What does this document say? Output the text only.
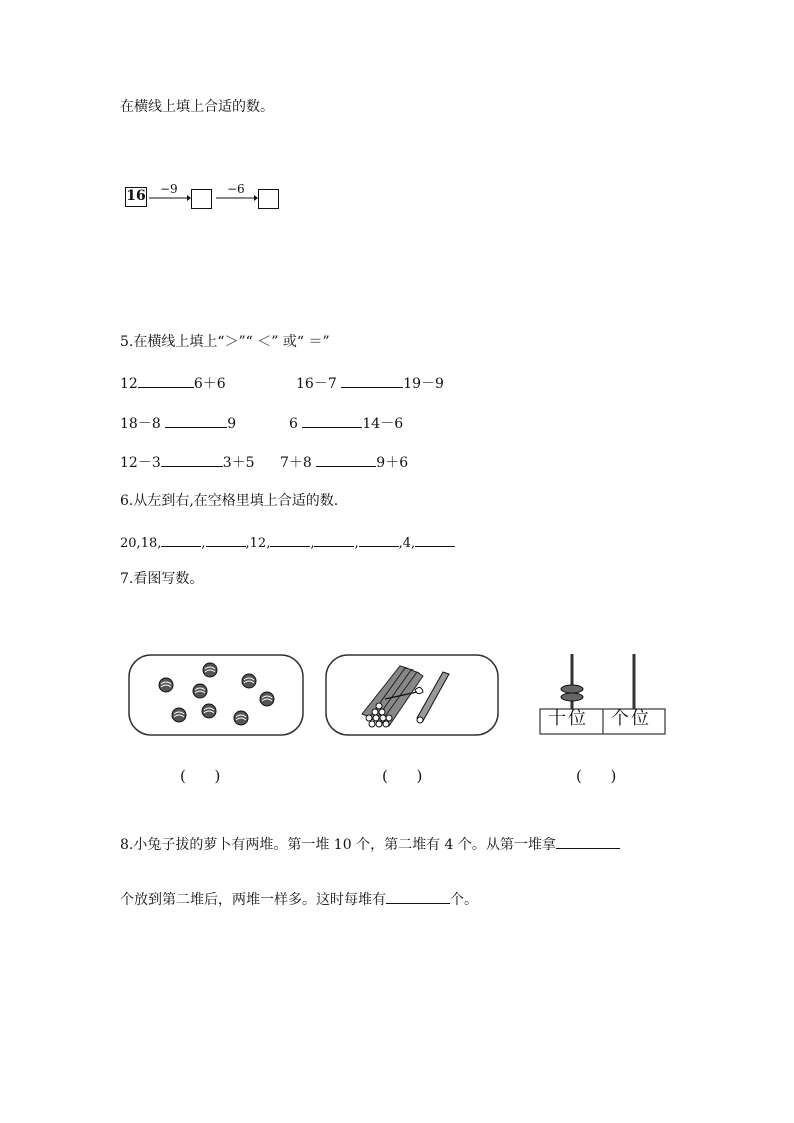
在横线上填上合适的数。
16 −9	−6
5.在横线上填上“＞”“ ＜” 或“ ＝”
12	6＋6	16－7	19－9
18－8	9	6	14－6
12－3	3＋5 7＋8	9＋6
6.从左到右,在空格里填上合适的数.
20,18,	,	,12,	,	,	,4,
7.看图写数。
十位 个位
(      )	(      )	(      )
8.小兔子拔的萝卜有两堆。第一堆 10 个，第二堆有 4 个。从第一堆拿
个放到第二堆后，两堆一样多。这时每堆有	个。
